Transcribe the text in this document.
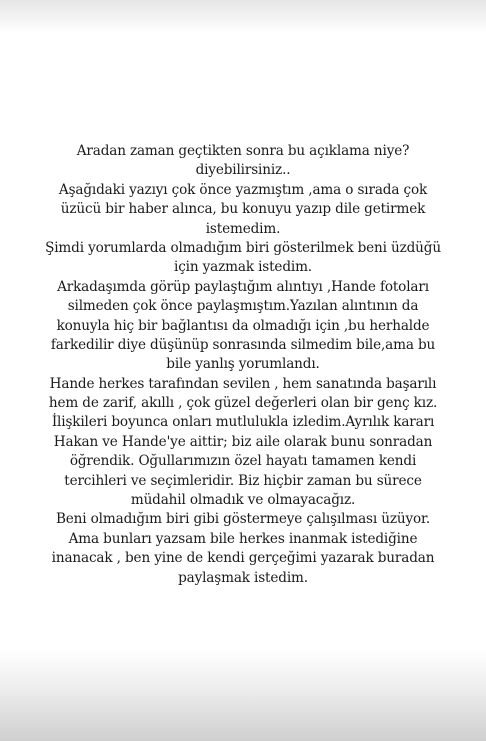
Aradan zaman geçtikten sonra bu açıklama niye?
diyebilirsiniz..
Aşağıdaki yazıyı çok önce yazmıştım ,ama o sırada çok
üzücü bir haber alınca, bu konuyu yazıp dile getirmek
istemedim.
Şimdi yorumlarda olmadığım biri gösterilmek beni üzdüğü
için yazmak istedim.
Arkadaşımda görüp paylaştığım alıntıyı ,Hande fotoları
silmeden çok önce paylaşmıştım.Yazılan alıntının da
konuyla hiç bir bağlantısı da olmadığı için ,bu herhalde
farkedilir diye düşünüp sonrasında silmedim bile,ama bu
bile yanlış yorumlandı.
Hande herkes tarafından sevilen , hem sanatında başarılı
hem de zarif, akıllı , çok güzel değerleri olan bir genç kız.
İlişkileri boyunca onları mutlulukla izledim.Ayrılık kararı
Hakan ve Hande'ye aittir; biz aile olarak bunu sonradan
öğrendik. Oğullarımızın özel hayatı tamamen kendi
tercihleri ve seçimleridir. Biz hiçbir zaman bu sürece
müdahil olmadık ve olmayacağız.
Beni olmadığım biri gibi göstermeye çalışılması üzüyor.
Ama bunları yazsam bile herkes inanmak istediğine
inanacak , ben yine de kendi gerçeğimi yazarak buradan
paylaşmak istedim.
